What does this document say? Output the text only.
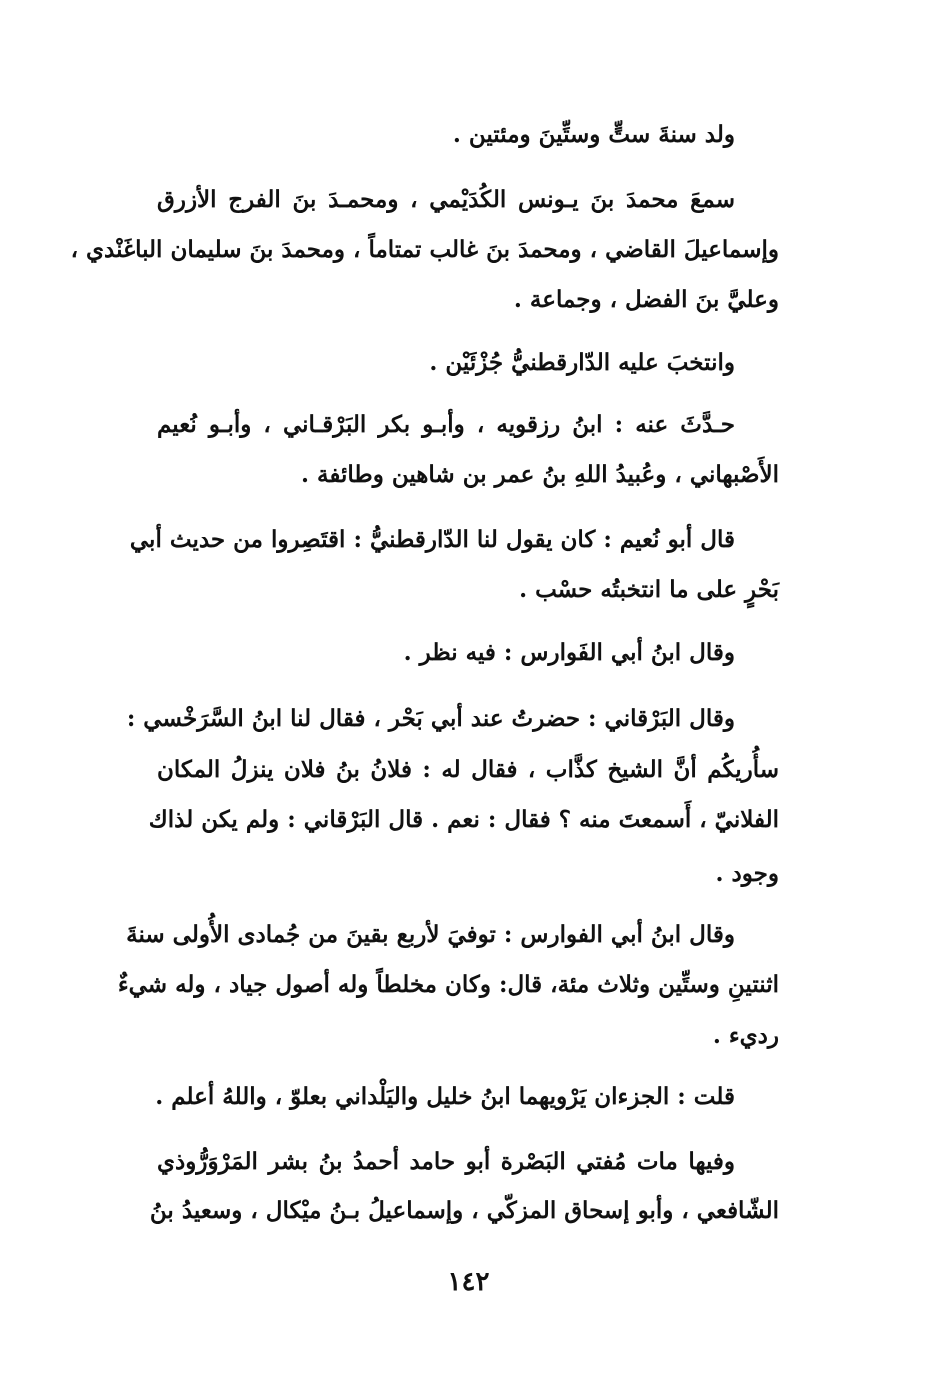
ولد سنةَ ستٍّ وستِّينَ ومئتين .
سمعَ محمدَ بنَ يـونس الكُدَيْمي ، ومحمـدَ بنَ الفرج الأزرق
وإسماعيلَ القاضي ، ومحمدَ بنَ غالب تمتاماً ، ومحمدَ بنَ سليمان الباغَنْدي ،
وعليَّ بنَ الفضل ، وجماعة .
وانتخبَ عليه الدّارقطنيُّ جُزْئَيْن .
حـدَّثَ عنه : ابنُ رزقويه ، وأبـو بكر البَرْقـاني ، وأبـو نُعيم
الأَصْبهاني ، وعُبيدُ اللهِ بنُ عمر بن شاهين وطائفة .
قال أبو نُعيم : كان يقول لنا الدّارقطنيُّ : اقتَصِروا من حديث أبي
بَحْرٍ على ما انتخبتُه حسْب .
وقال ابنُ أبي الفَوارس : فيه نظر .
وقال البَرْقاني : حضرتُ عند أبي بَحْر ، فقال لنا ابنُ السَّرَخْسي :
سأُريكُم أنَّ الشيخ كذَّاب ، فقال له : فلانُ بنُ فلان ينزلُ المكان
الفلانيّ ، أَسمعتَ منه ؟ فقال : نعم . قال البَرْقاني : ولم يكن لذاك
وجود .
وقال ابنُ أبي الفوارس : توفيَ لأربع بقينَ من جُمادى الأُولى سنةَ
اثنتينِ وستِّين وثلاث مئة، قال: وكان مخلطاً وله أصول جياد ، وله شيءٌ
رديء .
قلت : الجزءان يَرْويهما ابنُ خليل واليَلْداني بعلوّ ، واللهُ أعلم .
وفيها مات مُفتي البَصْرة أبو حامد أحمدُ بنُ بشر المَرْوَرُّوذي
الشّافعي ، وأبو إسحاق المزكّي ، وإسماعيلُ بـنُ ميْكال ، وسعيدُ بنُ
١٤٢
